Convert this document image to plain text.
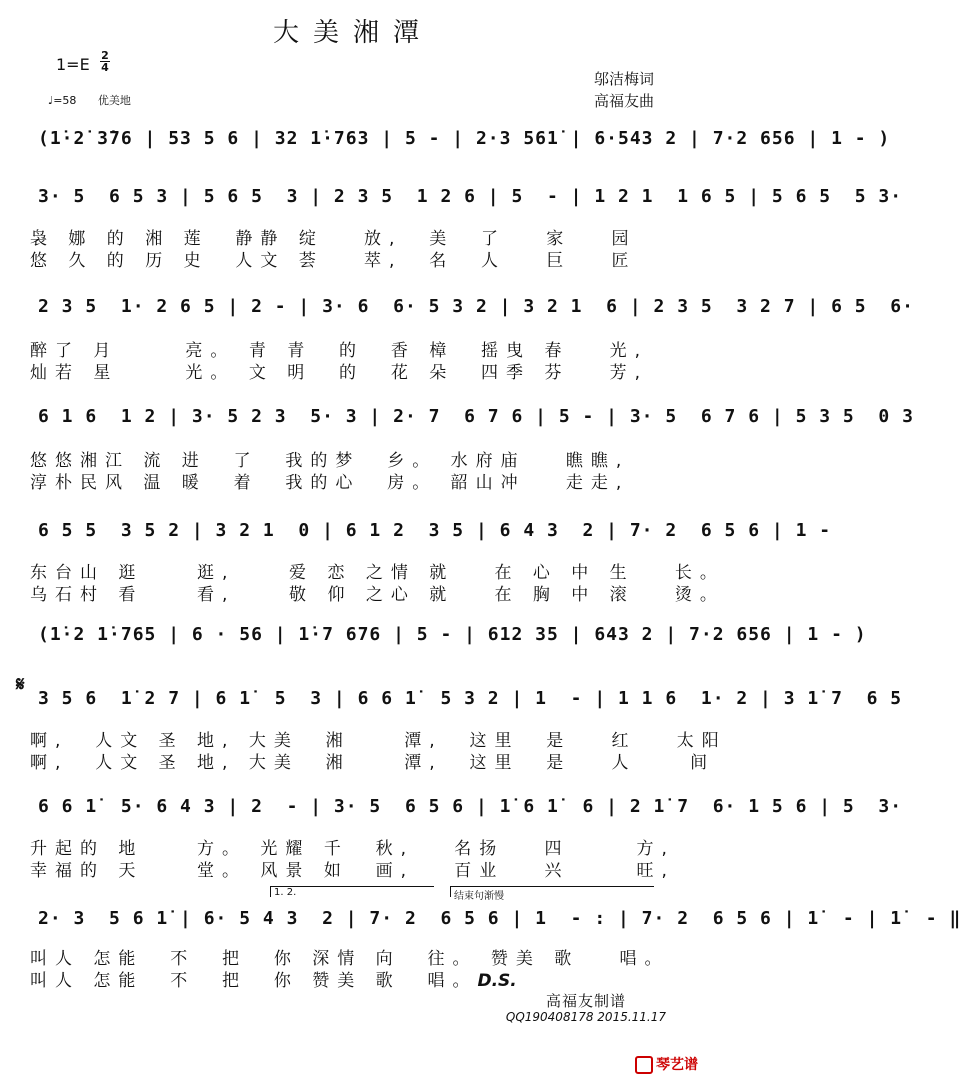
大美湘潭
1=E 2
4
♩=58 优美地
邬洁梅词
高福友曲

(1̇·2̇ 3̇76 | 53 5 6 | 32 1̇·763 | 5 - | 2·3 561̇ | 6·543 2 | 7·2 656 | 1 - )

3· 5  6 5 3 | 5 6 5  3 | 2 3 5  1 2 6 | 5  - | 1 2 1  1 6 5 | 5 6 5  5 3·

袅 娜 的 湘 莲  静静 绽   放,  美  了   家   园
悠 久 的 历 史  人文 荟   萃,  名  人   巨   匠

2 3 5  1· 2 6 5 | 2 - | 3· 6  6· 5 3 2 | 3 2 1  6 | 2 3 5  3 2 7 | 6 5  6·

醉了 月     亮。 青 青  的  香 樟  摇曳 春   光,
灿若 星     光。 文 明  的  花 朵  四季 芬   芳,

6 1 6  1 2 | 3· 5 2 3  5· 3 | 2· 7  6 7 6 | 5 - | 3· 5  6 7 6 | 5 3 5  0 3

悠悠湘江 流 进  了  我的梦  乡。 水府庙   瞧瞧,
淳朴民风 温 暖  着  我的心  房。 韶山冲   走走,

6 5 5  3 5 2 | 3 2 1  0 | 6 1 2  3 5 | 6 4 3  2 | 7· 2  6 5 6 | 1 -

东台山 逛    逛,    爱 恋 之情 就   在 心 中 生   长。
乌石村 看    看,    敬 仰 之心 就   在 胸 中 滚   烫。

(1̇·2 1̇·765 | 6 · 56 | 1̇·7 676 | 5 - | 612 35 | 643 2 | 7·2 656 | 1 - )

𝄋

3 5 6  1̇ 2 7 | 6 1̇  5  3 | 6 6 1̇  5 3 2 | 1  - | 1 1 6  1· 2 | 3 1̇ 7  6 5

啊,  人文 圣 地, 大美  湘    潭,  这里  是   红   太阳
啊,  人文 圣 地, 大美  湘    潭,  这里  是   人    间

6 6 1̇  5· 6 4 3 | 2  - | 3· 5  6 5 6 | 1̇ 6 1̇  6 | 2 1̇ 7  6· 1 5 6 | 5  3·

升起的 地    方。 光耀 千  秋,   名扬   四     方,
幸福的 天    堂。 风景 如  画,   百业   兴     旺,
1. 2.	结束句渐慢

2· 3  5 6 1̇ | 6· 5 4 3  2 | 7· 2  6 5 6 | 1  - : | 7· 2  6 5 6 | 1̇  - | 1̇  - ‖

叫人 怎能  不  把  你 深情 向  往。 赞美 歌   唱。
叫人 怎能  不  把  你 赞美 歌  唱。D.S.
高福友制谱
QQ190408178 2015.11.17
琴艺谱
